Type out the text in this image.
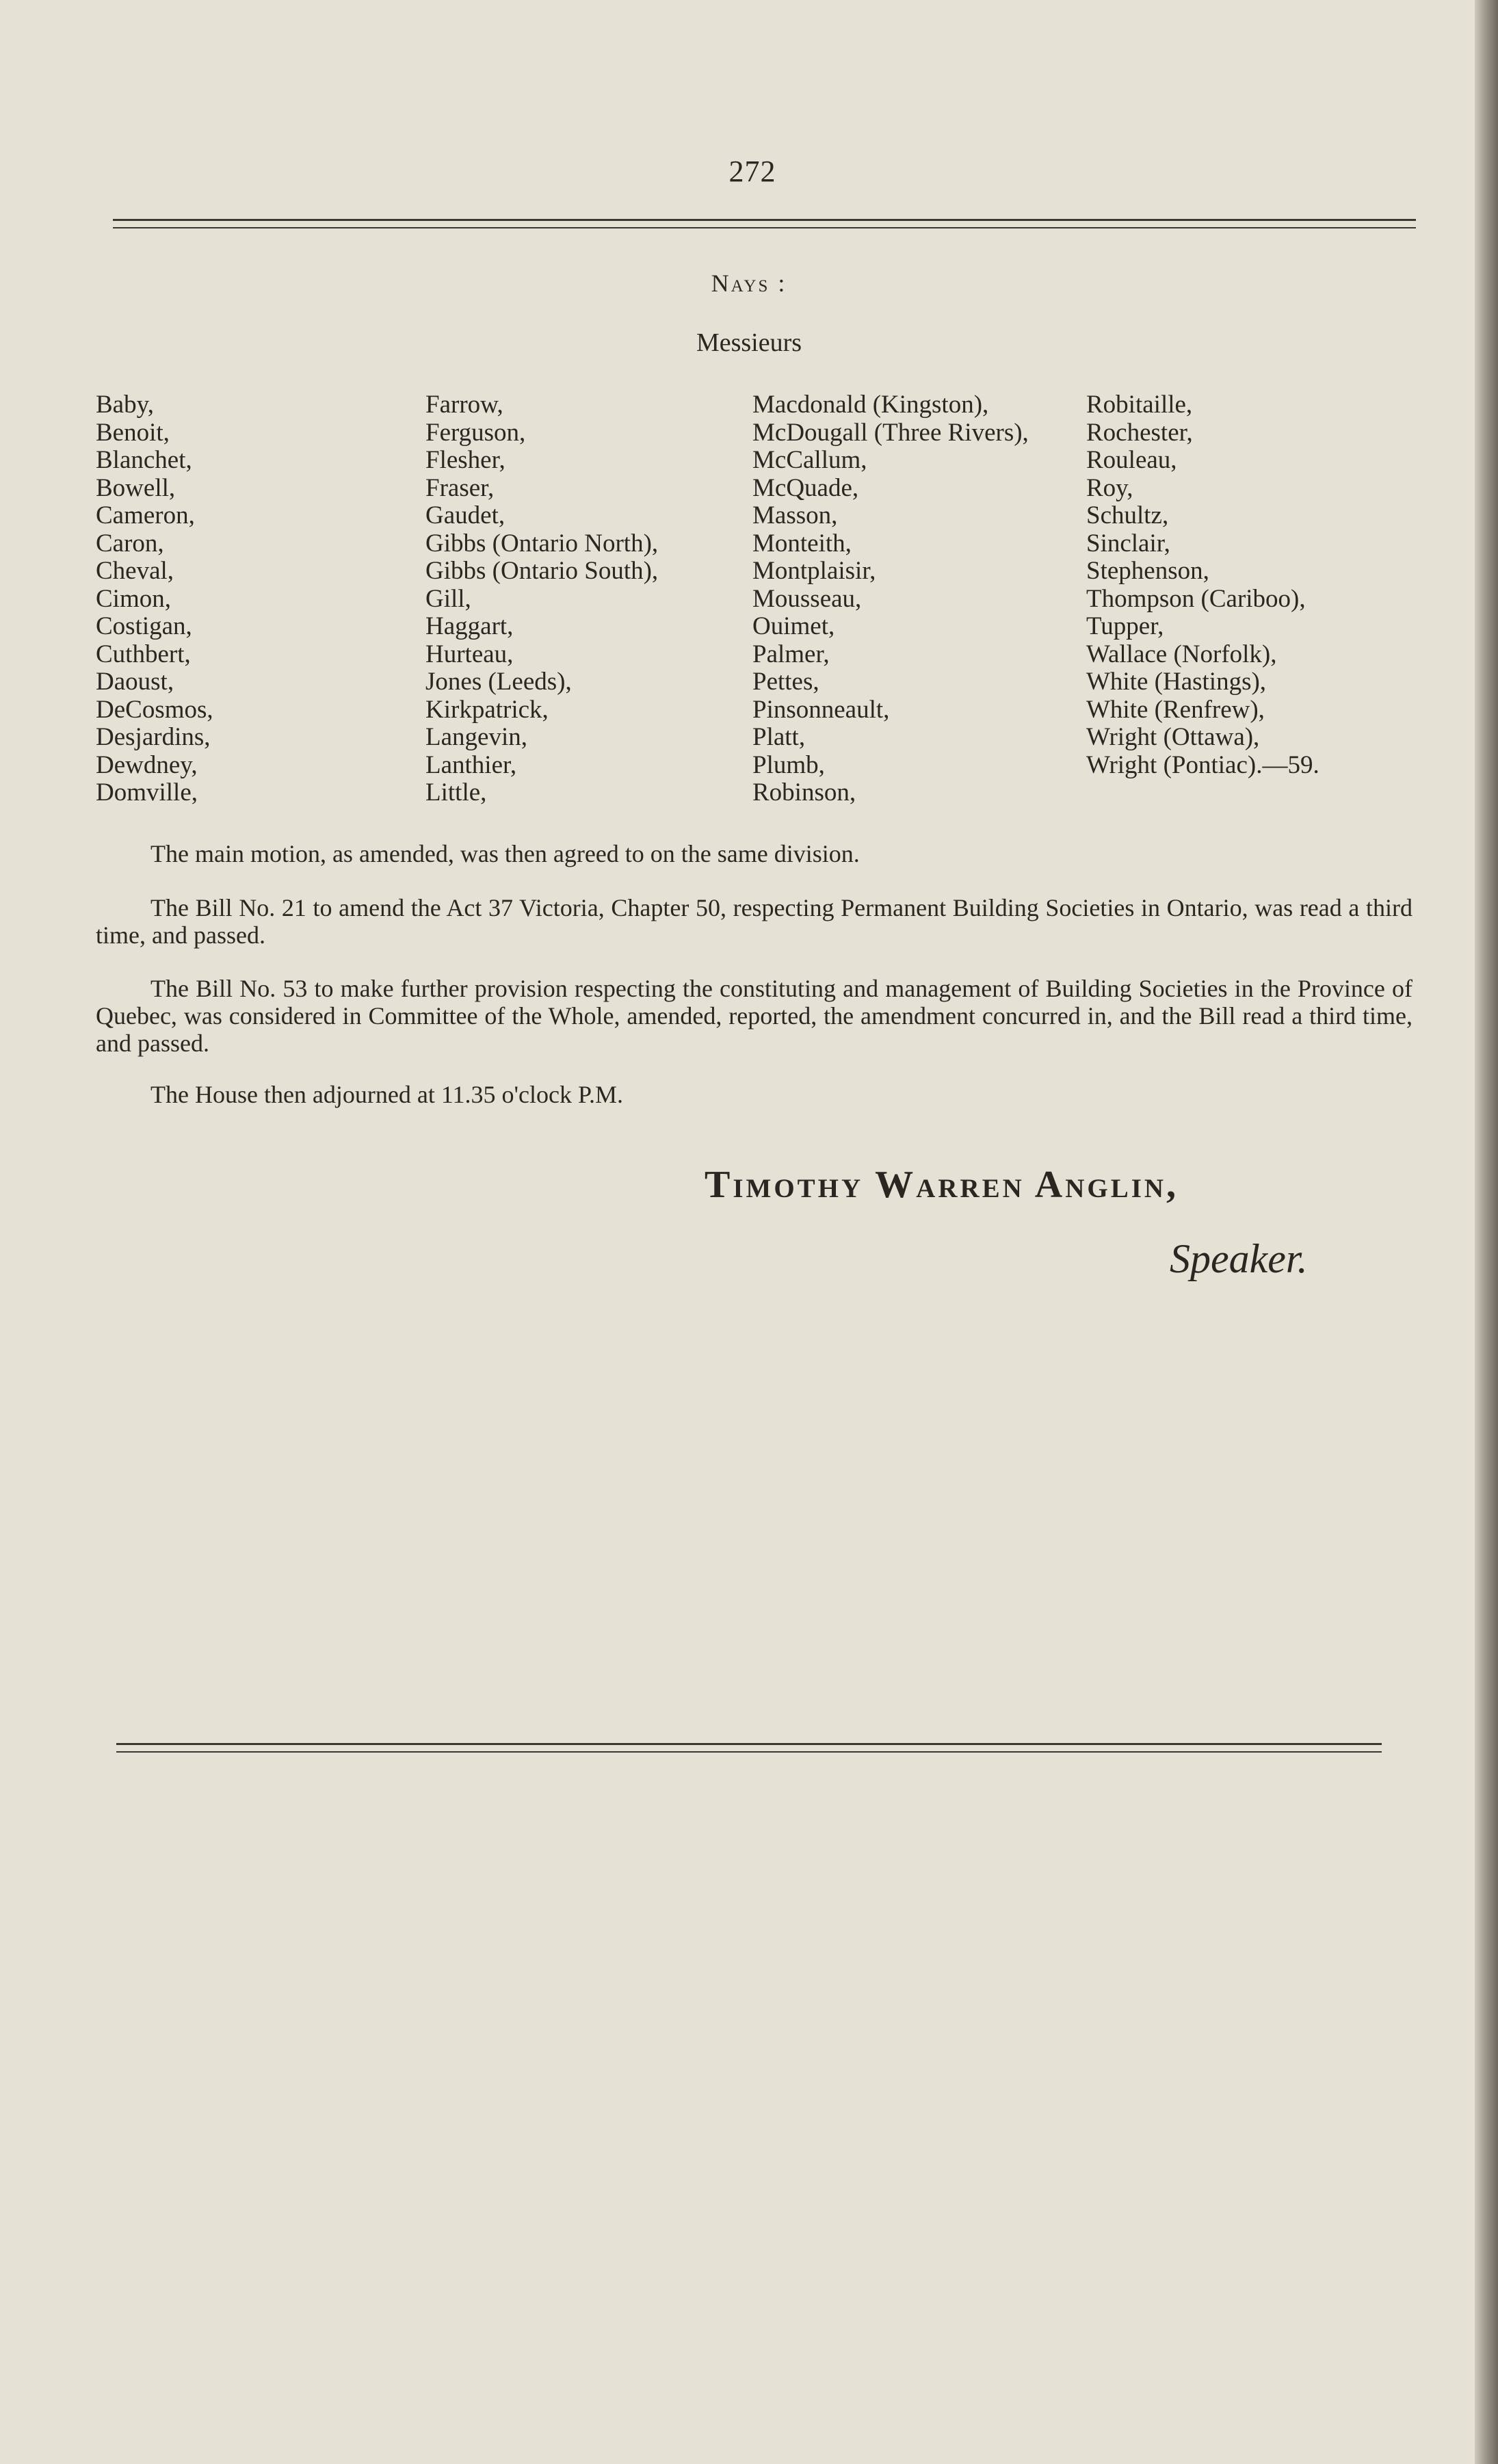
272
Nays :
Messieurs
Baby,
Benoit,
Blanchet,
Bowell,
Cameron,
Caron,
Cheval,
Cimon,
Costigan,
Cuthbert,
Daoust,
DeCosmos,
Desjardins,
Dewdney,
Domville,
Farrow,
Ferguson,
Flesher,
Fraser,
Gaudet,
Gibbs (Ontario North),
Gibbs (Ontario South),
Gill,
Haggart,
Hurteau,
Jones (Leeds),
Kirkpatrick,
Langevin,
Lanthier,
Little,
Macdonald (Kingston),
McDougall (Three Rivers),
McCallum,
McQuade,
Masson,
Monteith,
Montplaisir,
Mousseau,
Ouimet,
Palmer,
Pettes,
Pinsonneault,
Platt,
Plumb,
Robinson,
Robitaille,
Rochester,
Rouleau,
Roy,
Schultz,
Sinclair,
Stephenson,
Thompson (Cariboo),
Tupper,
Wallace (Norfolk),
White (Hastings),
White (Renfrew),
Wright (Ottawa),
Wright (Pontiac).—59.
The main motion, as amended, was then agreed to on the same division.
The Bill No. 21 to amend the Act 37 Victoria, Chapter 50, respecting Permanent Building Societies in Ontario, was read a third time, and passed.
The Bill No. 53 to make further provision respecting the constituting and management of Building Societies in the Province of Quebec, was considered in Committee of the Whole, amended, reported, the amendment concurred in, and the Bill read a third time, and passed.
The House then adjourned at 11.35 o'clock P.M.
Timothy Warren Anglin,
Speaker.
